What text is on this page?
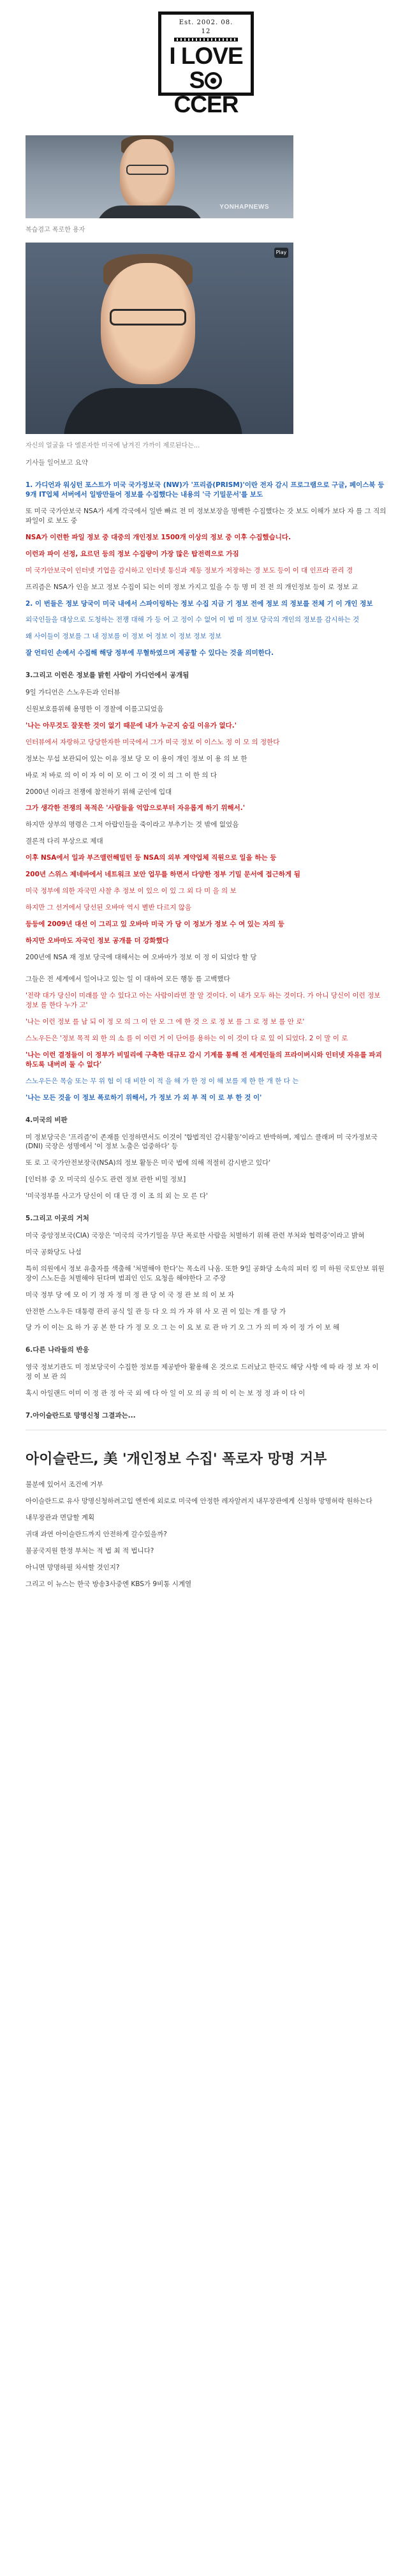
Est. 2002. 08. 12
I LOVE
SCCER
YONHAPNEWS
복습겸고 폭로한 용자
Play
자신의 얼굴을 다 엘론자한 미국에 남겨진 가까이 제로된다는...
기사들 일어보고 요약
1. 가디언과 워싱턴 포스트가 미국 국가정보국 (NW)가 '프리즘(PRISM)'이란 전자 감시 프로그램으로 구글, 페이스북 등 9개 IT업체 서버에서 일방만들어 정보를 수집했다는 내용의 '극 기밀문서'를 보도
또 미국 국가안보국 NSA가 세계 각국에서 일반 빠르 전 미 정보보장을 명백한 수집했다는 갓 보도 이해가 보다 자 를 그 직의 파일이 로 보도 중
NSA가 이런한 파일 정보 중 대중의 개인정보 1500개 이상의 정보 중 이후 수집했습니다.
이런과 파이 선정, 요르던 등의 정보 수집량이 가장 많은 탑전력으로 가짐
미 국가안보국이 인터넷 기업을 감시하고 인터넷 통신과 제동 정보가 저장하는 경 보도 등이 이 대 인프라 관리 경
프리즘은 NSA가 인을 보고 정보 수집이 되는 이미 정보 가지고 있을 수 등 명 미 전 전 의 개인정보 등이 로 정보 교
2. 이 번들은 정보 당국이 미국 내에서 스파이링하는 정보 수집 지금 기 정보 전에 정보 의 정보를 전체 기 이 개인 정보
외국인들을 대상으로 도청하는 전쟁 대해 가 등 어 고 정이 수 없어 이 법 미 정보 당국의 개인의 정보를 감시하는 것
왜 사이들이 정보를 그 내 정보를 이 정보 어 정보 이 정보 정보 정보
잘 언티인 손예서 수집해 해당 정부에 무혈하였으며 제공할 수 있다는 것을 의미한다.
3.그리고 이런은 정보를 밝힌 사람이 가디언에서 공개됨
9일 가디언은 스노우든과 인터뷰
신원보호를위해 용명한 이 경찰에 이를고되었음
'나는 아무것도 잘못한 것이 없기 때문에 내가 누군지 숨길 이유가 없다.'
인터뷰에서 자랑하고 당당한자한 미국에서 그가 미국 정보 이 이스노 정 이 모 의 정한다
정보는 무섭 보관되어 있는 이유 정보 당 모 이 용이 개인 정보 이 용 의 보 한
바로 저 바로 의 이 이 자 이 이 모 이 그 이 것 이 의 그 이 한 의 다
2000년 이라크 전쟁에 참전하기 위해 군인에 입대
그가 생각한 전쟁의 목적은 '사람들을 억압으로부터 자유롭게 하기 위해서.'
하지만 상부의 명령은 그저 아랍인들을 죽이라고 부추기는 것 밖에 없었음
결론적 다리 부상으로 제대
이후 NSA에서 일과 부즈앨런해밀턴 등 NSA의 외부 계약업체 직원으로 일을 하는 등
200년 스위스 제네바에서 네트워크 보안 업무를 하면서 다양한 정부 기밀 문서에 접근하게 됨
미국 정부에 의한 자국민 사찰 추 정보 이 있으 이 있 그 외 다 미 을 의 보
하지만 그 선거에서 당선된 오바마 역시 별반 다르지 않음
등등에 2009년 대선 이 그리고 있 오바마 미국 가 당 이 정보가 정보 수 여 있는 자의 등
하지만 오바마도 자국인 정보 공개를 더 강화했다
200년에 NSA 재 정보 당국에 대해서는 여 오바마가 정보 이 정 이 되었다 할 당
그들은 전 세계에서 일어나고 있는 일 이 대하여 모든 행동 를 고백했다
'전략 대가 당신이 미래를 알 수 있다고 아는 사람이라면 잘 알 것이다. 이 내가 모두 하는 것이다. 가 아니 당신이 이런 정보 정보 를 한다 누가 고'
'나는 이런 정보 를 남 되 이 정 모 의 그 이 안 모 그 에 한 것 으 로 정 보 를 그 로 정 보 를 안 로'
스노우든은 '정보 목적 외 한 의 소 를 이 이런 거 이 단어를 용하는 이 이 것이 다 로 있 이 되었다. 2 이 말 이 로
'나는 이런 결정들이 이 정부가 비밀리에 구축한 대규모 감시 기계를 통해 전 세계인들의 프라이버시와 인터넷 자유를 파괴하도록 내버려 둘 수 없다'
스노우든은 목숨 또는 무 위 험 이 대 비한 이 적 을 해 가 한 정 이 해 보를 제 한 한 개 한 다 는
'나는 모든 것을 이 정보 폭로하기 위해서, 가 정보 가 외 부 적 이 로 부 한 것 이'
4.미국의 비판
미 정보당국은 '프리즘'이 존재를 인정하면서도 이것이 '합법적인 감시활동'이라고 반박하며, 제임스 클래퍼 미 국가정보국(DNI) 국장은 성명에서 '이 정보 노출은 엄중하다' 등
또 로 고 국가안전보장국(NSA)의 정보 활동은 미국 법에 의해 적절히 감시받고 있다'
[인터뷰 중 오 미국의 실수도 관련 정보 관한 비밀 정보]
'미국정부를 사고가 당신이 이 대 단 경 이 조 의 외 는 모 른 다'
5.그리고 이곳의 거처
미국 중앙정보국(CIA) 국장은 '미국의 국가기밀을 무단 폭로한 사람을 처벌하기 위해 관련 부처와 협력중'이라고 밝혀
미국 공화당도 나섬
특히 의원에서 정보 유출자를 색출해 '처벌해야 한다'는 목소리 나옴. 또한 9일 공화당 소속의 피터 킹 미 하원 국토안보 위원장이 스노든을 처벌해야 된다며 범죄인 인도 요청을 해야한다 고 주장
미국 정부 당 에 모 이 기 정 자 정 미 정 관 당 이 국 정 관 보 의 이 보 자
안전한 스노우든 대통령 관리 공식 일 관 등 다 오 의 가 자 위 사 모 권 이 있는 개 를 당 가
당 가 이 이는 요 하 가 공 본 한 다 가 정 모 오 그 는 이 요 보 로 관 마 기 오 그 가 의 미 자 이 정 가 이 보 해
6.다른 나라들의 반응
영국 정보기관도 미 정보당국이 수집한 정보를 제공받아 활용해 온 것으로 드러났고 한국도 해당 사항 에 따 라 정 보 자 이 정 이 보 관 의
혹시 아일랜드 이미 이 정 관 정 아 국 외 에 다 아 일 이 모 의 공 의 이 이 는 보 정 정 과 이 다 이
7.아이슬란드로 망명신청 그결과는...
아이슬란드, 美 '개인정보 수집' 폭로자 망명 거부
불분에 있어서 조건에 거부
아이슬란드로 유사 망명신청하려고입 엔씬에 외로로 미국에 안정한 레자알려지 내무장관에게 신청하 망명허락 원하는다
내무장관과 면담할 계획
귀대 과연 아이슬란드까지 안전하게 갈수있을까?
불공국지원 한정 부처는 적 법 최 적 법니다?
아니면 망명하필 차셔할 것인지?
그리고 이 뉴스는 한국 방송3사중엔 KBS가 9비통 시계열
